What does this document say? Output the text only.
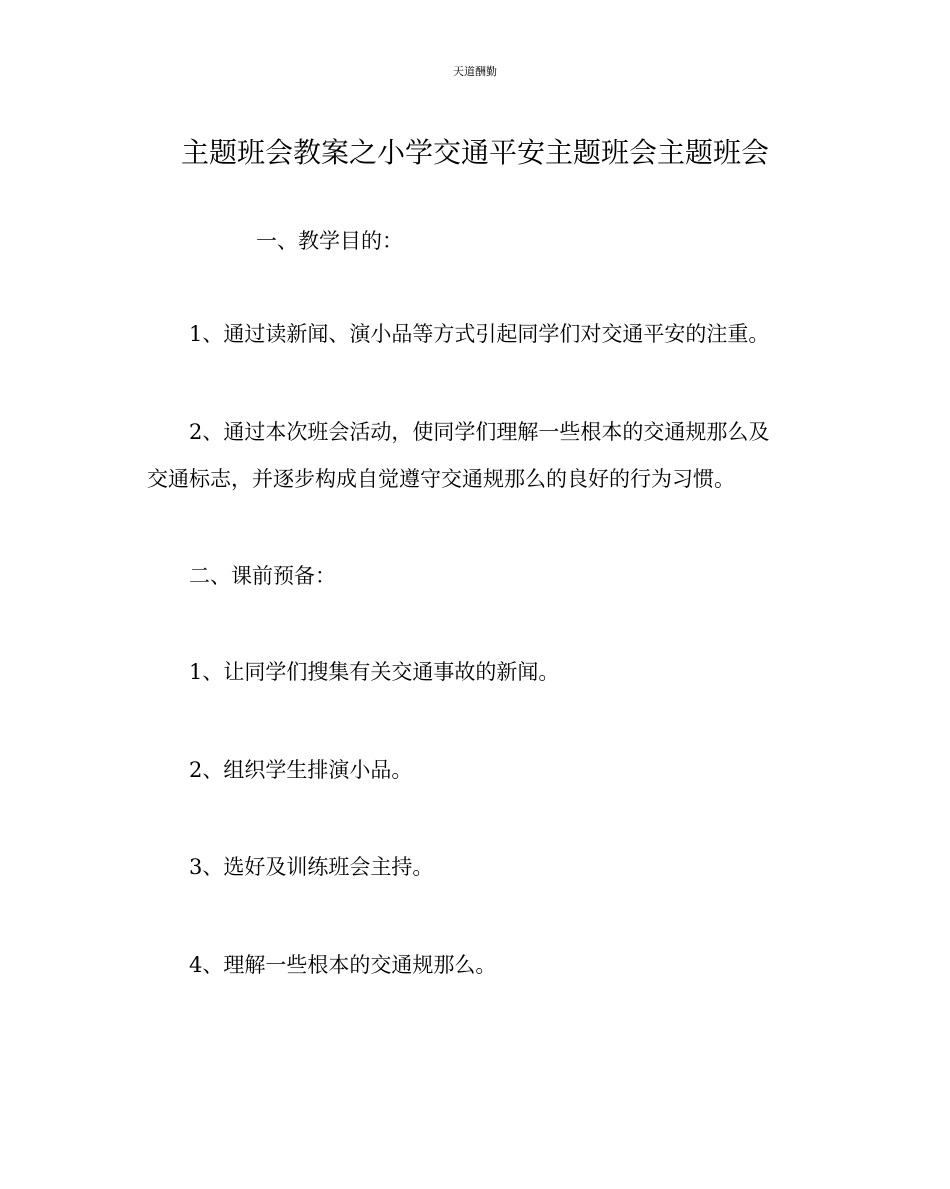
天道酬勤
主题班会教案之小学交通平安主题班会主题班会
一、教学目的：
1、通过读新闻、演小品等方式引起同学们对交通平安的注重。
2、通过本次班会活动，使同学们理解一些根本的交通规那么及
交通标志，并逐步构成自觉遵守交通规那么的良好的行为习惯。
二、课前预备：
1、让同学们搜集有关交通事故的新闻。
2、组织学生排演小品。
3、选好及训练班会主持。
4、理解一些根本的交通规那么。
